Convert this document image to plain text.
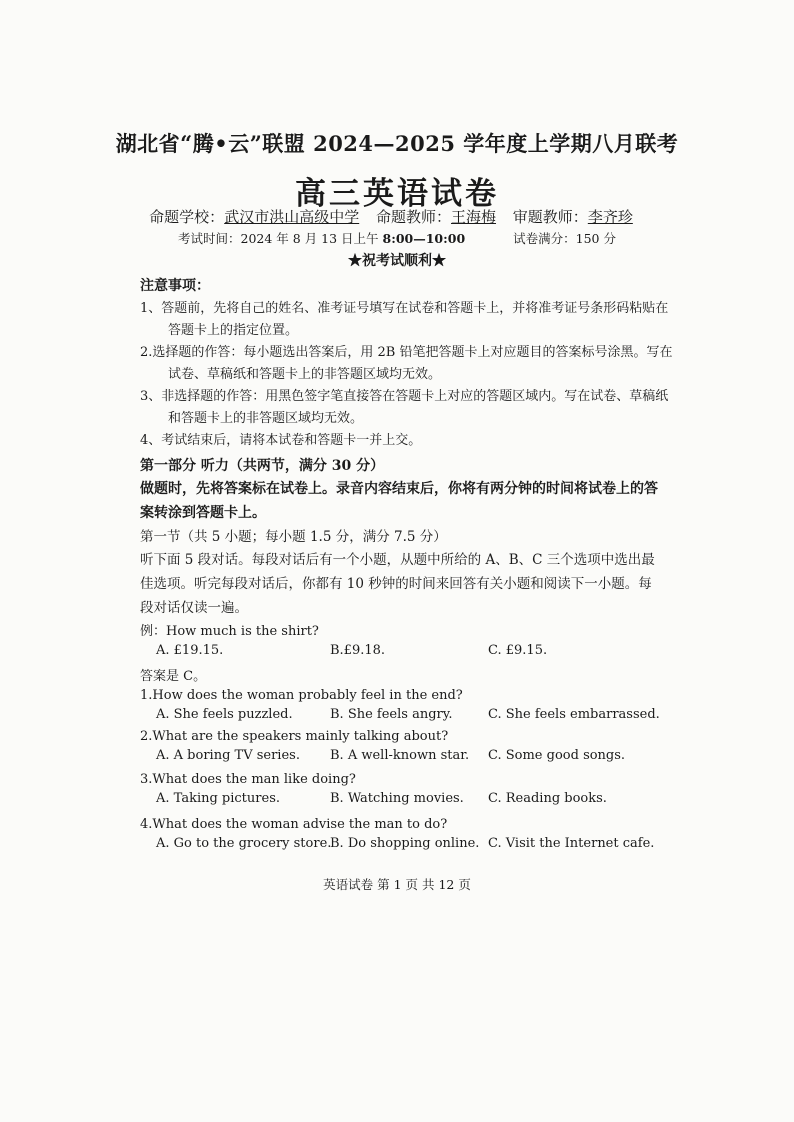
湖北省“腾•云”联盟 2024—2025 学年度上学期八月联考
高三英语试卷
命题学校：武汉市洪山高级中学 命题教师：王海梅 审题教师：李齐珍
考试时间：2024 年 8 月 13 日上午 8:00—10:00	试卷满分：150 分
★祝考试顺利★
注意事项：
1、答题前，先将自己的姓名、准考证号填写在试卷和答题卡上，并将准考证号条形码粘贴在答题卡上的指定位置。
2.选择题的作答：每小题选出答案后，用 2B 铅笔把答题卡上对应题目的答案标号涂黑。写在试卷、草稿纸和答题卡上的非答题区域均无效。
3、非选择题的作答：用黑色签字笔直接答在答题卡上对应的答题区域内。写在试卷、草稿纸和答题卡上的非答题区域均无效。
4、考试结束后，请将本试卷和答题卡一并上交。
第一部分 听力（共两节，满分 30 分）
做题时，先将答案标在试卷上。录音内容结束后，你将有两分钟的时间将试卷上的答案转涂到答题卡上。
第一节（共 5 小题；每小题 1.5 分，满分 7.5 分）
听下面 5 段对话。每段对话后有一个小题，从题中所给的 A、B、C 三个选项中选出最佳选项。听完每段对话后，你都有 10 秒钟的时间来回答有关小题和阅读下一小题。每段对话仅读一遍。
例：How much is the shirt?
A. £19.15.	B.£9.18.	C. £9.15.
答案是 C。
1.How does the woman probably feel in the end?
A. She feels puzzled.	B. She feels angry.	C. She feels embarrassed.
2.What are the speakers mainly talking about?
A. A boring TV series. B. A well-known star. C. Some good songs.
3.What does the man like doing?
A. Taking pictures.	B. Watching movies. C. Reading books.
4.What does the woman advise the man to do?
A. Go to the grocery store.
B. Do shopping online. C. Visit the Internet cafe.
英语试卷 第 1 页 共 12 页
